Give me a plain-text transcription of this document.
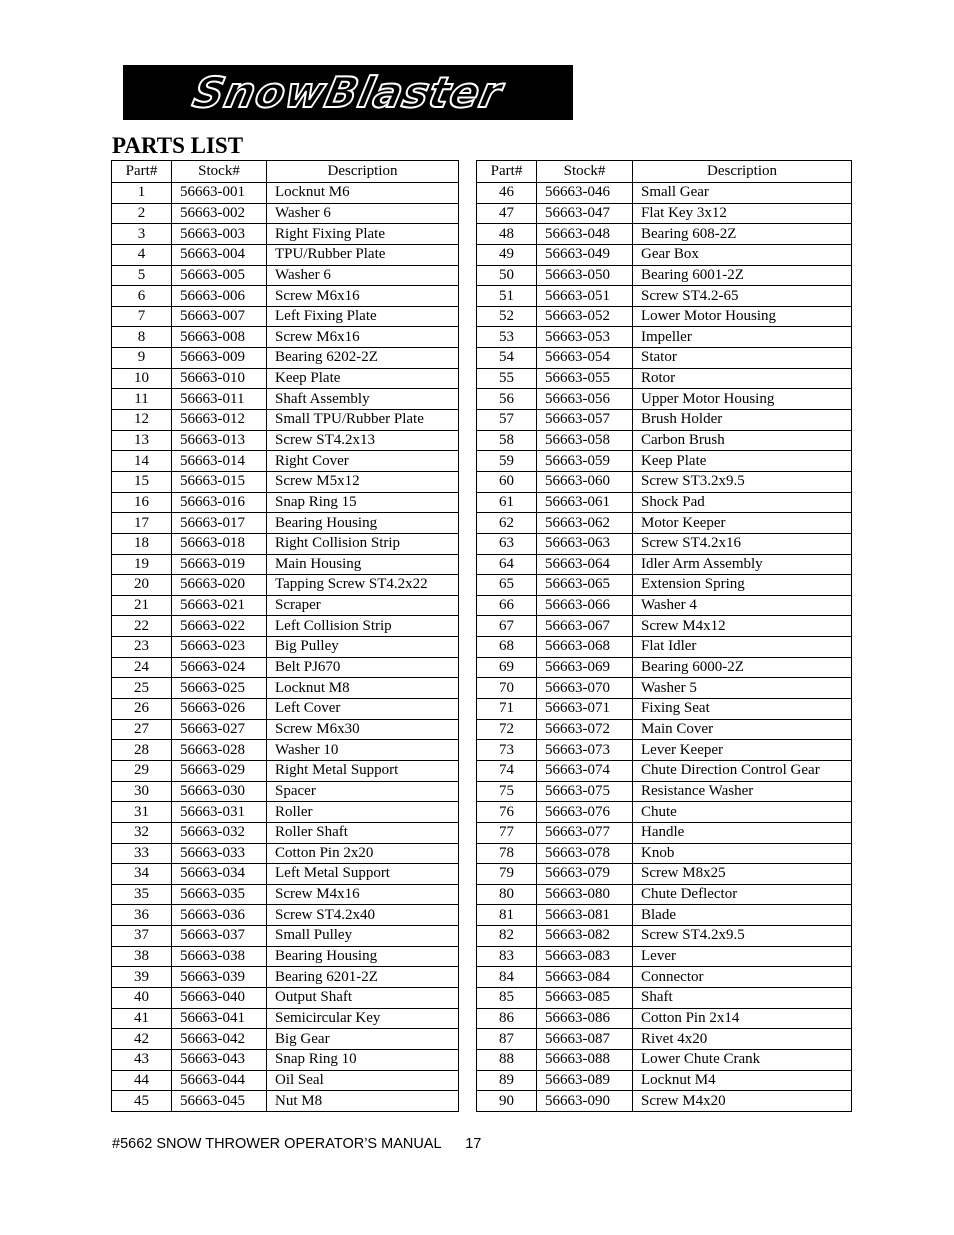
SnowBlaster
PARTS LIST
Part#	Stock#	Description
1	56663-001	Locknut M6
2	56663-002	Washer 6
3	56663-003	Right Fixing Plate
4	56663-004	TPU/Rubber Plate
5	56663-005	Washer 6
6	56663-006	Screw M6x16
7	56663-007	Left Fixing Plate
8	56663-008	Screw M6x16
9	56663-009	Bearing 6202-2Z
10	56663-010	Keep Plate
11	56663-011	Shaft Assembly
12	56663-012	Small TPU/Rubber Plate
13	56663-013	Screw ST4.2x13
14	56663-014	Right Cover
15	56663-015	Screw M5x12
16	56663-016	Snap Ring 15
17	56663-017	Bearing Housing
18	56663-018	Right Collision Strip
19	56663-019	Main Housing
20	56663-020	Tapping Screw ST4.2x22
21	56663-021	Scraper
22	56663-022	Left Collision Strip
23	56663-023	Big Pulley
24	56663-024	Belt PJ670
25	56663-025	Locknut M8
26	56663-026	Left Cover
27	56663-027	Screw M6x30
28	56663-028	Washer 10
29	56663-029	Right Metal Support
30	56663-030	Spacer
31	56663-031	Roller
32	56663-032	Roller Shaft
33	56663-033	Cotton Pin 2x20
34	56663-034	Left Metal Support
35	56663-035	Screw M4x16
36	56663-036	Screw ST4.2x40
37	56663-037	Small Pulley
38	56663-038	Bearing Housing
39	56663-039	Bearing 6201-2Z
40	56663-040	Output Shaft
41	56663-041	Semicircular Key
42	56663-042	Big Gear
43	56663-043	Snap Ring 10
44	56663-044	Oil Seal
45	56663-045	Nut M8
Part#	Stock#	Description
46	56663-046	Small Gear
47	56663-047	Flat Key 3x12
48	56663-048	Bearing 608-2Z
49	56663-049	Gear Box
50	56663-050	Bearing 6001-2Z
51	56663-051	Screw ST4.2-65
52	56663-052	Lower Motor Housing
53	56663-053	Impeller
54	56663-054	Stator
55	56663-055	Rotor
56	56663-056	Upper Motor Housing
57	56663-057	Brush Holder
58	56663-058	Carbon Brush
59	56663-059	Keep Plate
60	56663-060	Screw ST3.2x9.5
61	56663-061	Shock Pad
62	56663-062	Motor Keeper
63	56663-063	Screw ST4.2x16
64	56663-064	Idler Arm Assembly
65	56663-065	Extension Spring
66	56663-066	Washer 4
67	56663-067	Screw M4x12
68	56663-068	Flat Idler
69	56663-069	Bearing 6000-2Z
70	56663-070	Washer 5
71	56663-071	Fixing Seat
72	56663-072	Main Cover
73	56663-073	Lever Keeper
74	56663-074	Chute Direction Control Gear
75	56663-075	Resistance Washer
76	56663-076	Chute
77	56663-077	Handle
78	56663-078	Knob
79	56663-079	Screw M8x25
80	56663-080	Chute Deflector
81	56663-081	Blade
82	56663-082	Screw ST4.2x9.5
83	56663-083	Lever
84	56663-084	Connector
85	56663-085	Shaft
86	56663-086	Cotton Pin 2x14
87	56663-087	Rivet 4x20
88	56663-088	Lower Chute Crank
89	56663-089	Locknut M4
90	56663-090	Screw M4x20
#5662 SNOW THROWER OPERATOR’S MANUAL 17
